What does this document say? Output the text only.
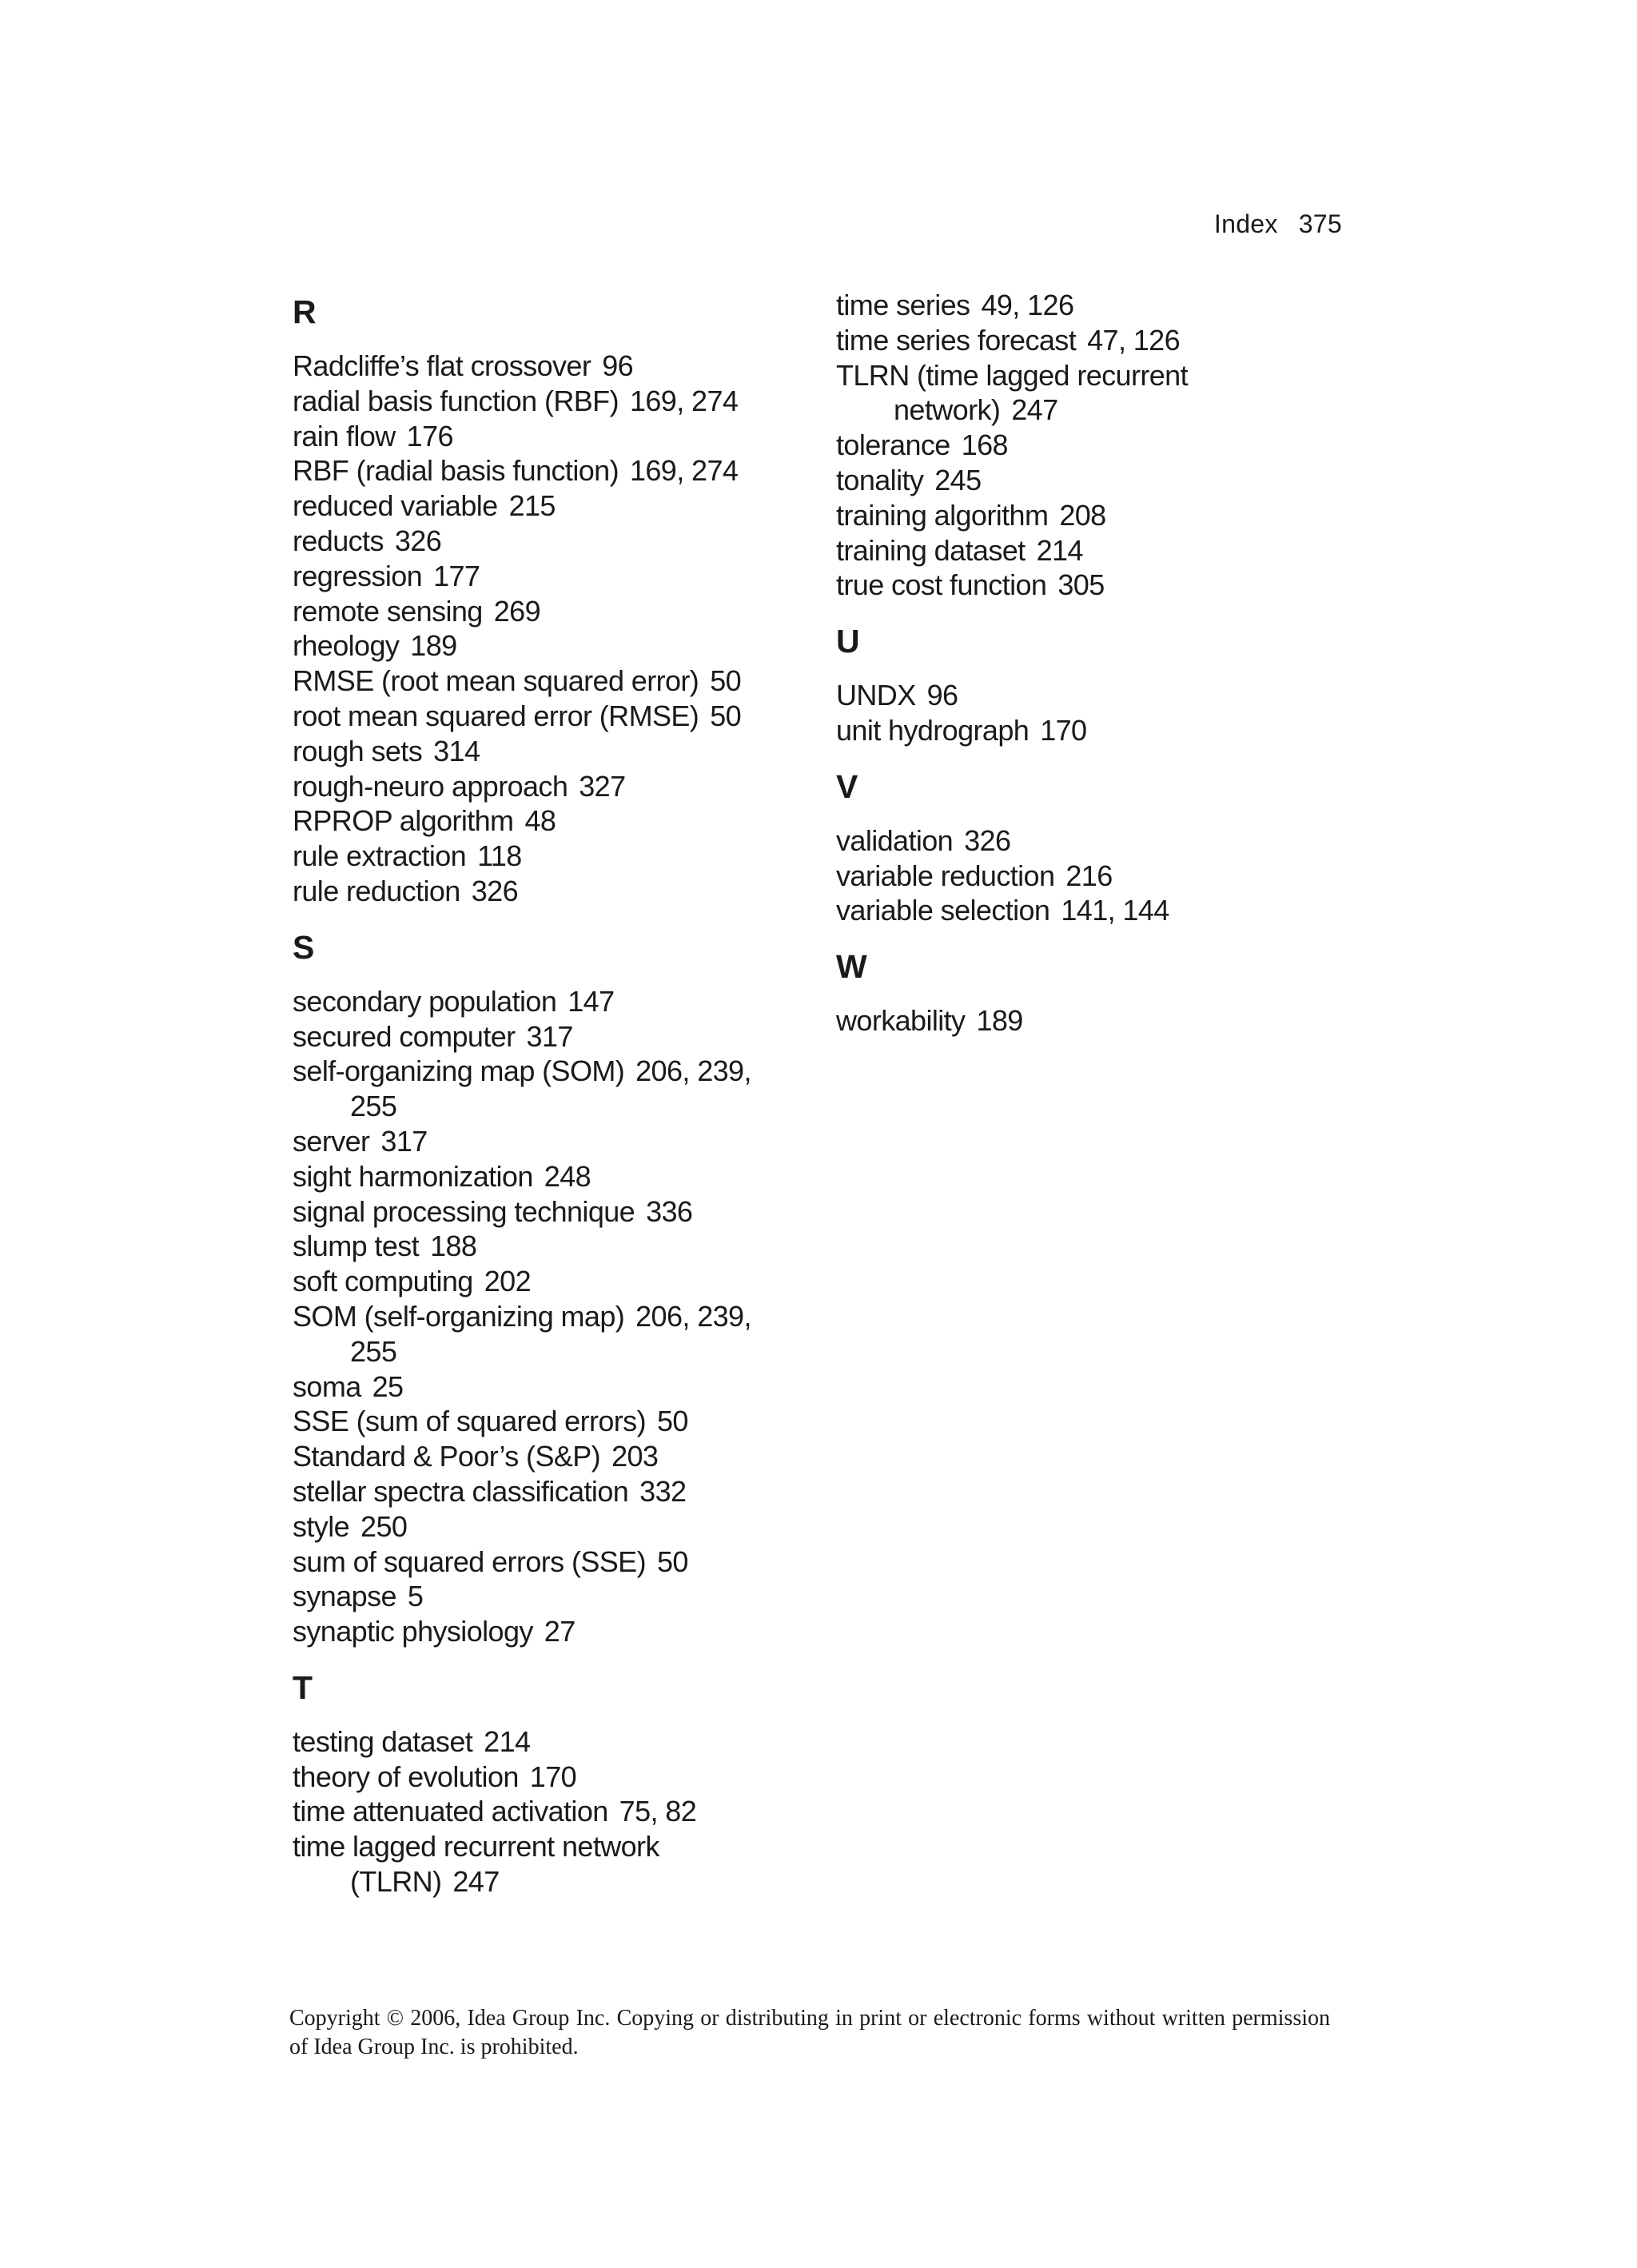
Index 375
R
Radcliffe’s flat crossover 96
radial basis function (RBF) 169, 274
rain flow 176
RBF (radial basis function) 169, 274
reduced variable 215
reducts 326
regression 177
remote sensing 269
rheology 189
RMSE (root mean squared error) 50
root mean squared error (RMSE) 50
rough sets 314
rough-neuro approach 327
RPROP algorithm 48
rule extraction 118
rule reduction 326
S
secondary population 147
secured computer 317
self-organizing map (SOM) 206, 239, 255
server 317
sight harmonization 248
signal processing technique 336
slump test 188
soft computing 202
SOM (self-organizing map) 206, 239, 255
soma 25
SSE (sum of squared errors) 50
Standard & Poor’s (S&P) 203
stellar spectra classification 332
style 250
sum of squared errors (SSE) 50
synapse 5
synaptic physiology 27
T
testing dataset 214
theory of evolution 170
time attenuated activation 75, 82
time lagged recurrent network (TLRN) 247
time series 49, 126
time series forecast 47, 126
TLRN (time lagged recurrent network) 247
tolerance 168
tonality 245
training algorithm 208
training dataset 214
true cost function 305
U
UNDX 96
unit hydrograph 170
V
validation 326
variable reduction 216
variable selection 141, 144
W
workability 189
Copyright © 2006, Idea Group Inc. Copying or distributing in print or electronic forms without written permission of Idea Group Inc. is prohibited.
